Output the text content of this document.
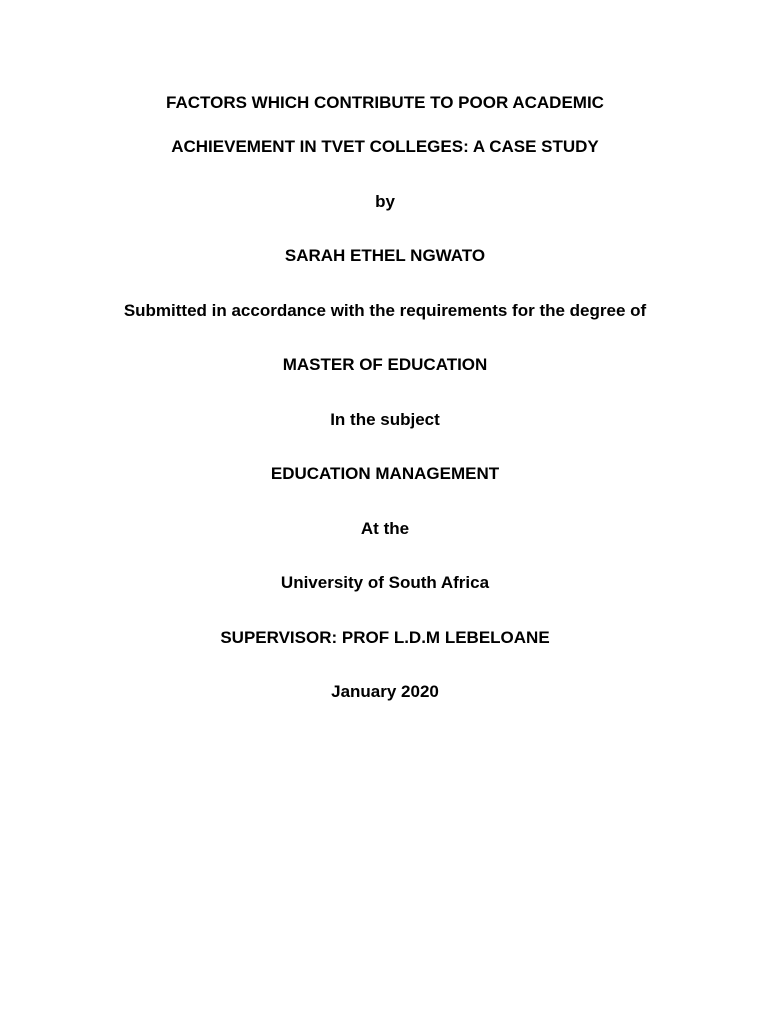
FACTORS WHICH CONTRIBUTE TO POOR ACADEMIC
ACHIEVEMENT IN TVET COLLEGES: A CASE STUDY
by
SARAH ETHEL NGWATO
Submitted in accordance with the requirements for the degree of
MASTER OF EDUCATION
In the subject
EDUCATION MANAGEMENT
At the
University of South Africa
SUPERVISOR: PROF L.D.M LEBELOANE
January 2020
